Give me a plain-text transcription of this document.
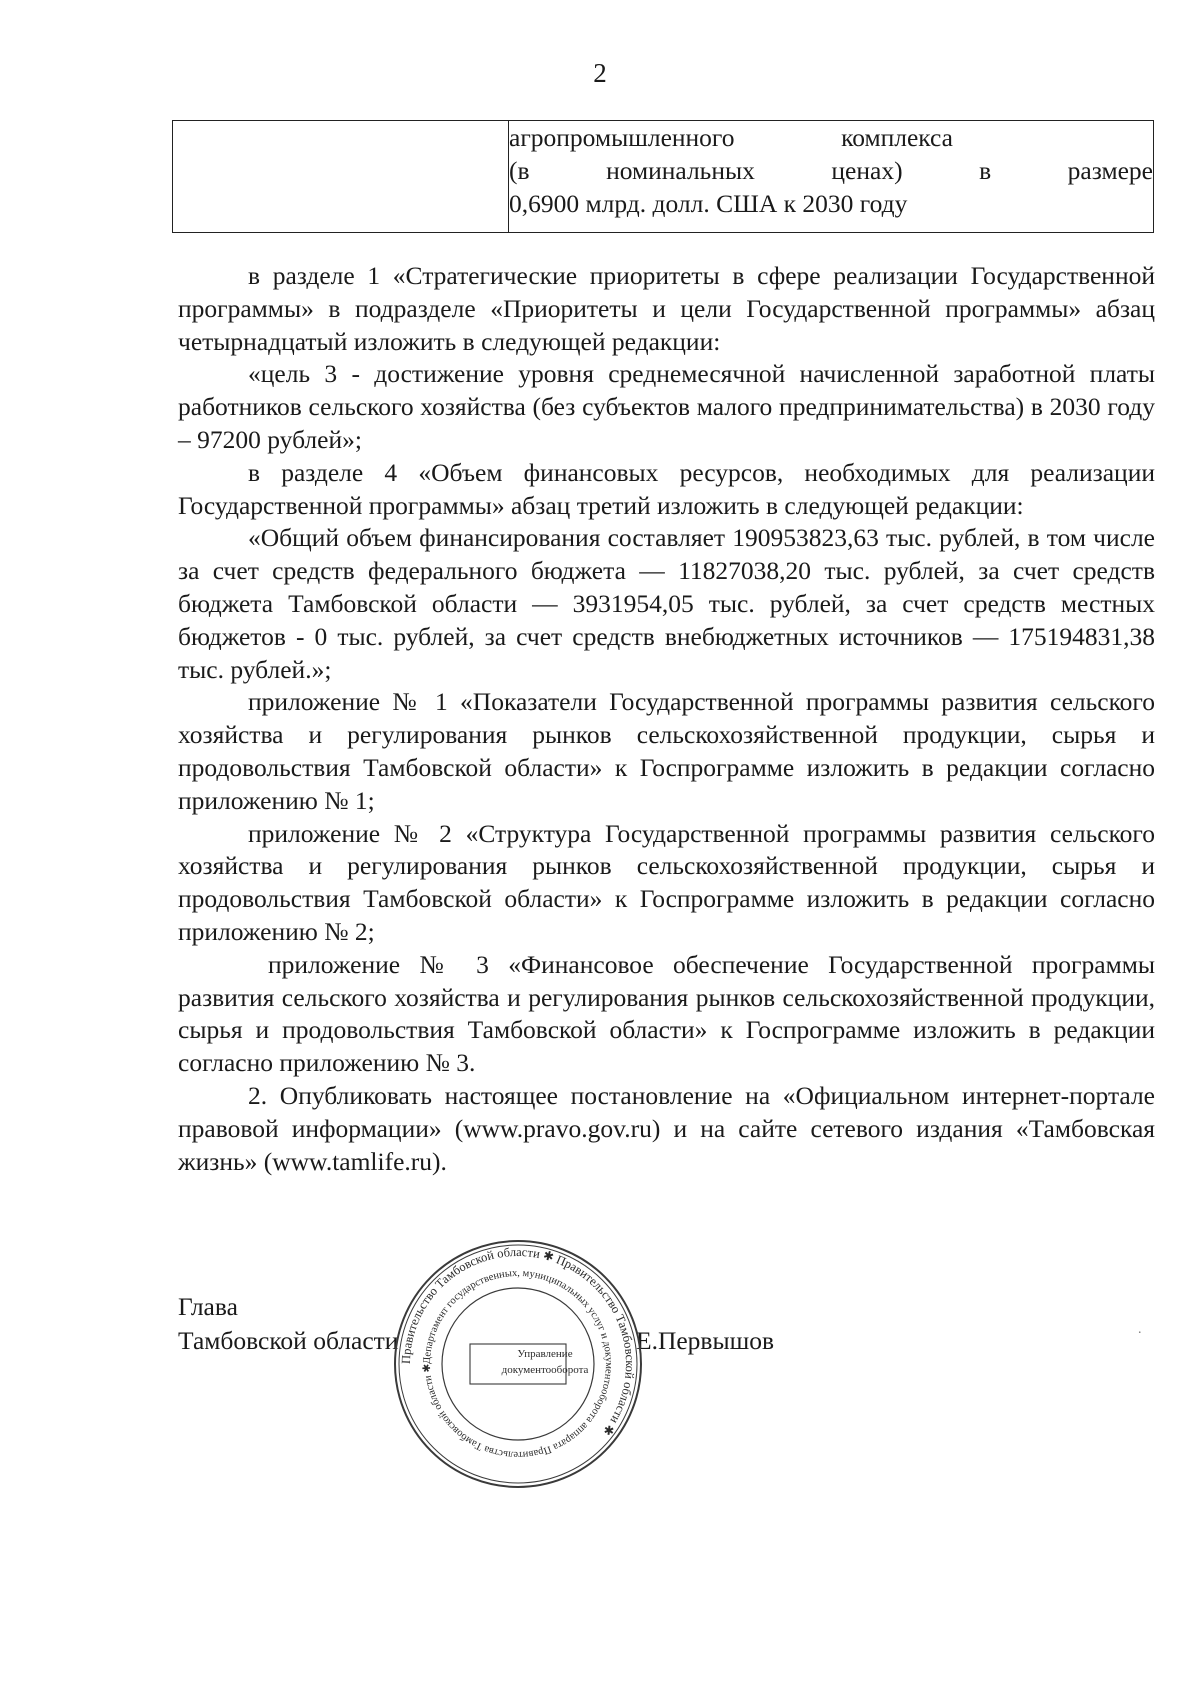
2

агропромышленного	комплекса
(в	номинальных	ценах)	в	размере
0,6900 млрд. долл. США к 2030 году

в разделе 1 «Стратегические приоритеты в сфере реализации Государственной программы» в подразделе «Приоритеты и цели Государственной программы» абзац четырнадцатый изложить в следующей редакции:

«цель 3 - достижение уровня среднемесячной начисленной заработной платы работников сельского хозяйства (без субъектов малого предпринимательства) в 2030 году – 97200 рублей»;

в разделе 4 «Объем финансовых ресурсов, необходимых для реализации Государственной программы» абзац третий изложить в следующей редакции:

«Общий объем финансирования составляет 190953823,63 тыс. рублей, в том числе за счет средств федерального бюджета — 11827038,20 тыс. рублей, за счет средств бюджета Тамбовской области — 3931954,05 тыс. рублей, за счет средств местных бюджетов - 0 тыс. рублей, за счет средств внебюджетных источников — 175194831,38 тыс. рублей.»;

приложение № 1 «Показатели Государственной программы развития сельского хозяйства и регулирования рынков сельскохозяйственной продукции, сырья и продовольствия Тамбовской области» к Госпрограмме изложить в редакции согласно приложению № 1;

приложение № 2 «Структура Государственной программы развития сельского хозяйства и регулирования рынков сельскохозяйственной продукции, сырья и продовольствия Тамбовской области» к Госпрограмме изложить в редакции согласно приложению № 2;

приложение № 3 «Финансовое обеспечение Государственной программы развития сельского хозяйства и регулирования рынков сельскохозяйственной продукции, сырья и продовольствия Тамбовской области» к Госпрограмме изложить в редакции согласно приложению № 3.

2. Опубликовать настоящее постановление на «Официальном интернет-портале правовой информации» (www.pravo.gov.ru) и на сайте сетевого издания «Тамбовская жизнь» (www.tamlife.ru).

Глава
Тамбовской области	Е.Первышов
Правительство Тамбовской области ✱ Правительство Тамбовской области ✱
Департамент государственных, муниципальных услуг и документооборота аппарата Правительства Тамбовской области ✱
Управление
документооборота
.
